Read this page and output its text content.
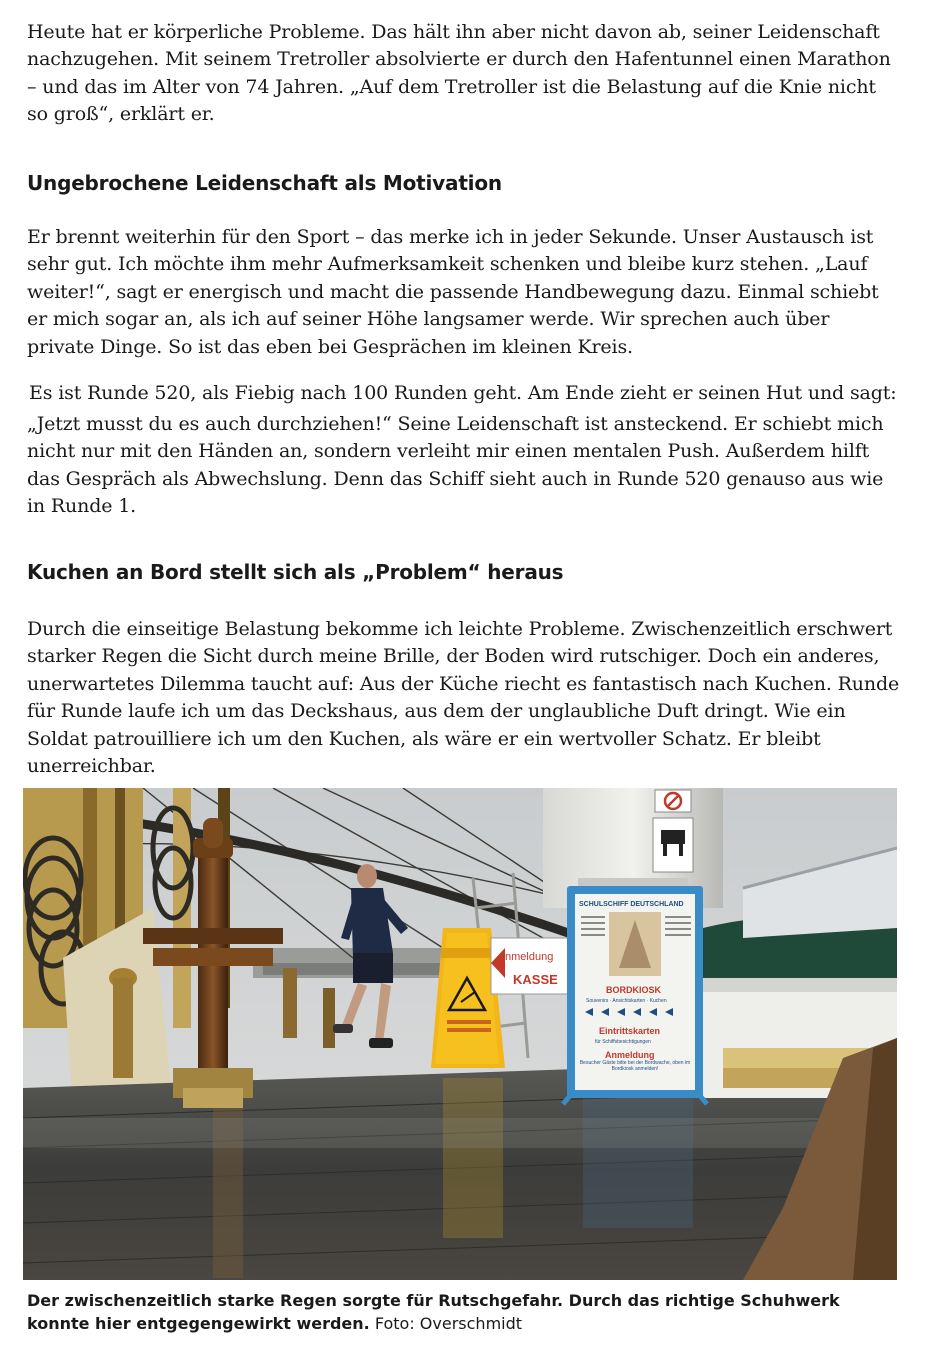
Heute hat er körperliche Probleme. Das hält ihn aber nicht davon ab, seiner Leidenschaft nachzugehen. Mit seinem Tretroller absolvierte er durch den Hafentunnel einen Marathon – und das im Alter von 74 Jahren. „Auf dem Tretroller ist die Belastung auf die Knie nicht so groß“, erklärt er.

Ungebrochene Leidenschaft als Motivation

Er brennt weiterhin für den Sport – das merke ich in jeder Sekunde. Unser Austausch ist sehr gut. Ich möchte ihm mehr Aufmerksamkeit schenken und bleibe kurz stehen. „Lauf weiter!“, sagt er energisch und macht die passende Handbewegung dazu. Einmal schiebt er mich sogar an, als ich auf seiner Höhe langsamer werde. Wir sprechen auch über private Dinge. So ist das eben bei Gesprächen im kleinen Kreis.

Es ist Runde 520, als Fiebig nach 100 Runden geht. Am Ende zieht er seinen Hut und sagt:

„Jetzt musst du es auch durchziehen!“ Seine Leidenschaft ist ansteckend. Er schiebt mich nicht nur mit den Händen an, sondern verleiht mir einen mentalen Push. Außerdem hilft das Gespräch als Abwechslung. Denn das Schiff sieht auch in Runde 520 genauso aus wie in Runde 1.

Kuchen an Bord stellt sich als „Problem“ heraus

Durch die einseitige Belastung bekomme ich leichte Probleme. Zwischenzeitlich erschwert starker Regen die Sicht durch meine Brille, der Boden wird rutschiger. Doch ein anderes, unerwartetes Dilemma taucht auf: Aus der Küche riecht es fantastisch nach Kuchen. Runde für Runde laufe ich um das Deckshaus, aus dem der unglaubliche Duft dringt. Wie ein Soldat patrouilliere ich um den Kuchen, als wäre er ein wertvoller Schatz. Er bleibt unerreichbar.

nmeldung
KASSE
SCHULSCHIFF DEUTSCHLAND
BORDKIOSK
Souvenirs · Ansichtskarten · Kuchen
Eintrittskarten
für Schiffsbesichtigungen
Anmeldung
Besucher Gäste bitte bei der Bordwache, oben im Bordkiosk anmelden!

Der zwischenzeitlich starke Regen sorgte für Rutschgefahr. Durch das richtige Schuhwerk konnte hier entgegengewirkt werden. Foto: Overschmidt
